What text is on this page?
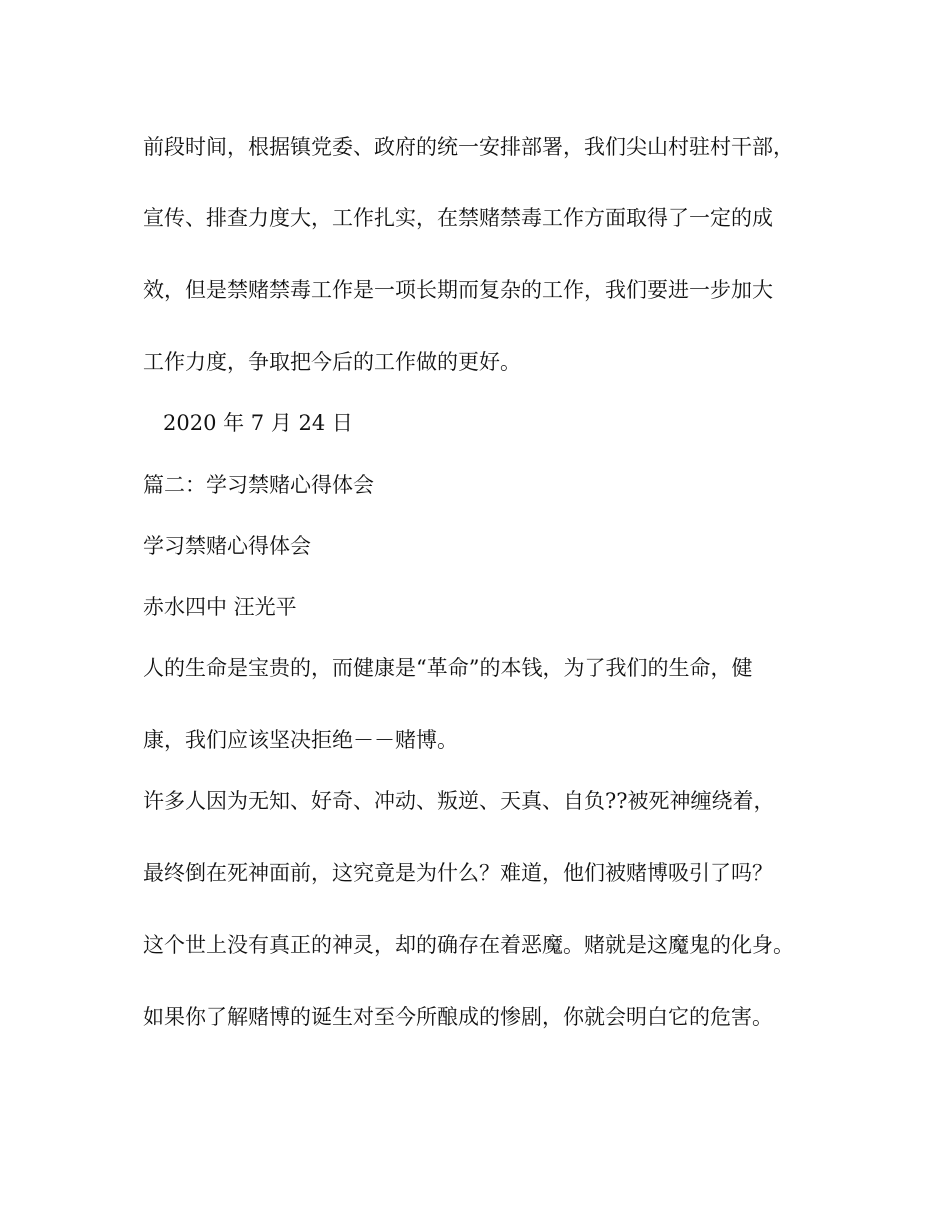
前段时间，根据镇党委、政府的统一安排部署，我们尖山村驻村干部，
宣传、排查力度大，工作扎实，在禁赌禁毒工作方面取得了一定的成
效，但是禁赌禁毒工作是一项长期而复杂的工作，我们要进一步加大
工作力度，争取把今后的工作做的更好。
2020 年 7 月 24 日
篇二：学习禁赌心得体会
学习禁赌心得体会
赤水四中 汪光平
人的生命是宝贵的，而健康是“革命”的本钱，为了我们的生命，健
康，我们应该坚决拒绝－－赌博。
许多人因为无知、好奇、冲动、叛逆、天真、自负??被死神缠绕着，
最终倒在死神面前，这究竟是为什么？难道，他们被赌博吸引了吗？
这个世上没有真正的神灵，却的确存在着恶魔。赌就是这魔鬼的化身。
如果你了解赌博的诞生对至今所酿成的惨剧，你就会明白它的危害。
